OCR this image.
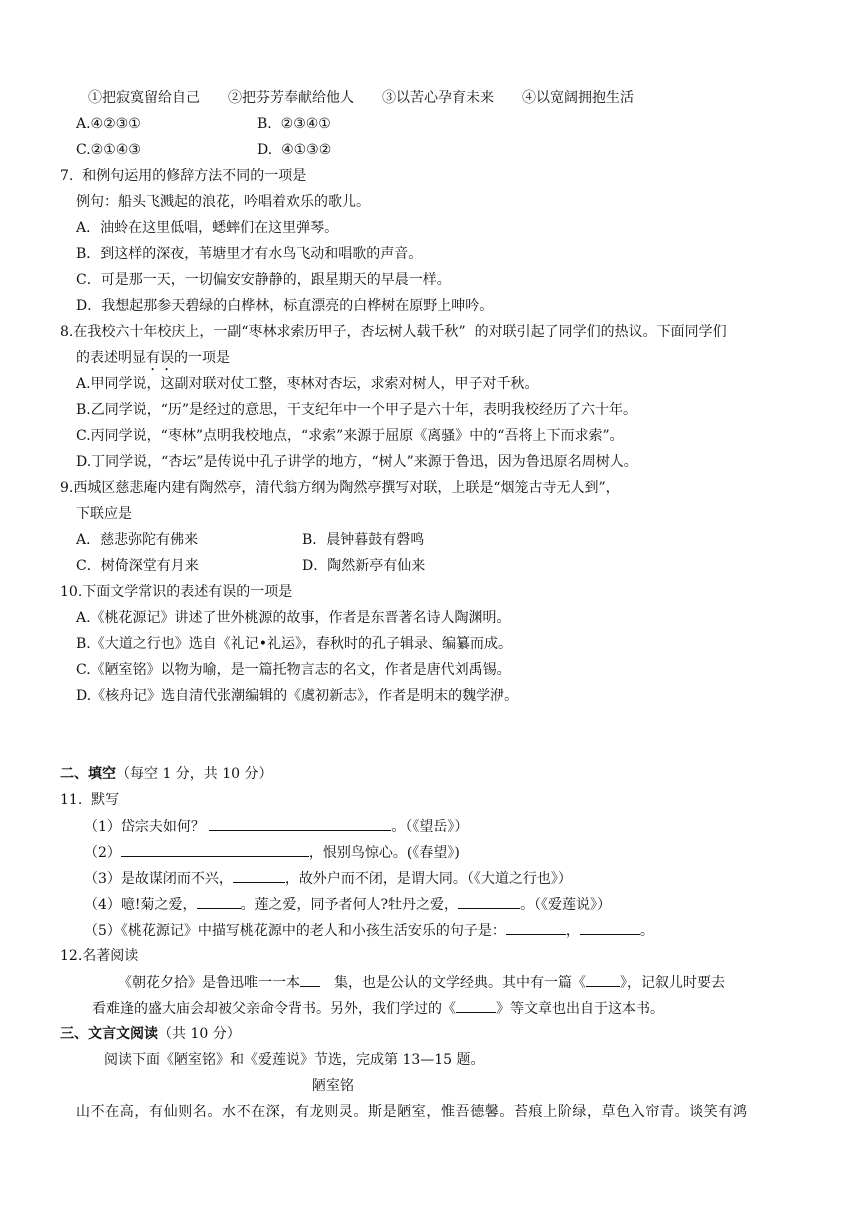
①把寂寞留给自己　　②把芬芳奉献给他人　　③以苦心孕育未来　　④以宽阔拥抱生活
A.④②③①	B.  ②③④①
C.②①④③	D.  ④①③②
7.  和例句运用的修辞方法不同的一项是
例句：船头飞溅起的浪花，吟唱着欢乐的歌儿。
A．油蛉在这里低唱，蟋蟀们在这里弹琴。
B．到这样的深夜，苇塘里才有水鸟飞动和唱歌的声音。
C．可是那一天，一切偏安安静静的，跟星期天的早晨一样。
D．我想起那参天碧绿的白桦林，标直漂亮的白桦树在原野上呻吟。
8.在我校六十年校庆上，一副“枣林求索历甲子，杏坛树人载千秋”  的对联引起了同学们的热议。下面同学们
的表述明显有误的一项是
A.甲同学说，这副对联对仗工整，枣林对杏坛，求索对树人，甲子对千秋。
B.乙同学说，“历”是经过的意思，干支纪年中一个甲子是六十年，表明我校经历了六十年。
C.丙同学说，“枣林”点明我校地点，“求索”来源于屈原《离骚》中的“吾将上下而求索”。
D.丁同学说，“杏坛”是传说中孔子讲学的地方，“树人”来源于鲁迅，因为鲁迅原名周树人。
9.西城区慈悲庵内建有陶然亭，清代翁方纲为陶然亭撰写对联，上联是“烟笼古寺无人到”，
下联应是
A．慈悲弥陀有佛来	B．晨钟暮鼓有磬鸣
C．树倚深堂有月来	D．陶然新亭有仙来
10.下面文学常识的表述有误的一项是
A.《桃花源记》讲述了世外桃源的故事，作者是东晋著名诗人陶渊明。
B.《大道之行也》选自《礼记•礼运》，春秋时的孔子辑录、编纂而成。
C.《陋室铭》以物为喻，是一篇托物言志的名文，作者是唐代刘禹锡。
D.《核舟记》选自清代张潮编辑的《虞初新志》，作者是明末的魏学洢。
二、填空（每空 1 分，共 10 分）
11.  默写
（1）岱宗夫如何？	。（《望岳》）
（2）	，恨别鸟惊心。(《春望》)
（3）是故谋闭而不兴，	，故外户而不闭，是谓大同。（《大道之行也》）
（4）噫!菊之爱，	。莲之爱，同予者何人?牡丹之爱，	。（《爱莲说》）
（5）《桃花源记》中描写桃花源中的老人和小孩生活安乐的句子是：	，	。
12.名著阅读
《朝花夕拾》是鲁迅唯一一本 集，也是公认的文学经典。其中有一篇《 》，记叙儿时要去
看难逢的盛大庙会却被父亲命令背书。另外，我们学过的《	》等文章也出自于这本书。
三、文言文阅读（共 10 分）
阅读下面《陋室铭》和《爱莲说》节选，完成第 13—15 题。
陋室铭
山不在高，有仙则名。水不在深，有龙则灵。斯是陋室，惟吾德馨。苔痕上阶绿，草色入帘青。谈笑有鸿
